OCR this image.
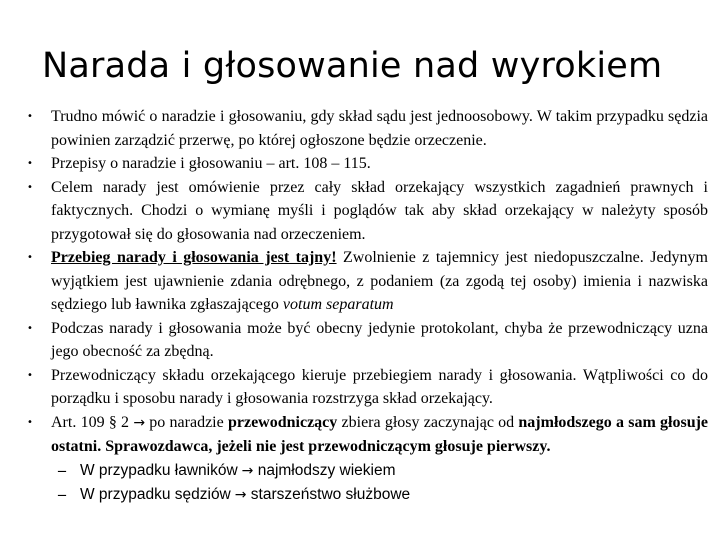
Narada i głosowanie nad wyrokiem

• Trudno mówić o naradzie i głosowaniu, gdy skład sądu jest jednoosobowy. W takim przypadku sędzia powinien zarządzić przerwę, po której ogłoszone będzie orzeczenie.

• Przepisy o naradzie i głosowaniu – art. 108 – 115.

• Celem narady jest omówienie przez cały skład orzekający wszystkich zagadnień prawnych i faktycznych. Chodzi o wymianę myśli i poglądów tak aby skład orzekający w należyty sposób przygotował się do głosowania nad orzeczeniem.

• Przebieg narady i głosowania jest tajny! Zwolnienie z tajemnicy jest niedopuszczalne. Jedynym wyjątkiem jest ujawnienie zdania odrębnego, z podaniem (za zgodą tej osoby) imienia i nazwiska sędziego lub ławnika zgłaszającego votum separatum

• Podczas narady i głosowania może być obecny jedynie protokolant, chyba że przewodniczący uzna jego obecność za zbędną.

• Przewodniczący składu orzekającego kieruje przebiegiem narady i głosowania. Wątpliwości co do porządku i sposobu narady i głosowania rozstrzyga skład orzekający.

• Art. 109 § 2 → po naradzie przewodniczący zbiera głosy zaczynając od najmłodszego a sam głosuje ostatni. Sprawozdawca, jeżeli nie jest przewodniczącym głosuje pierwszy.

– W przypadku ławników → najmłodszy wiekiem

– W przypadku sędziów → starszeństwo służbowe
